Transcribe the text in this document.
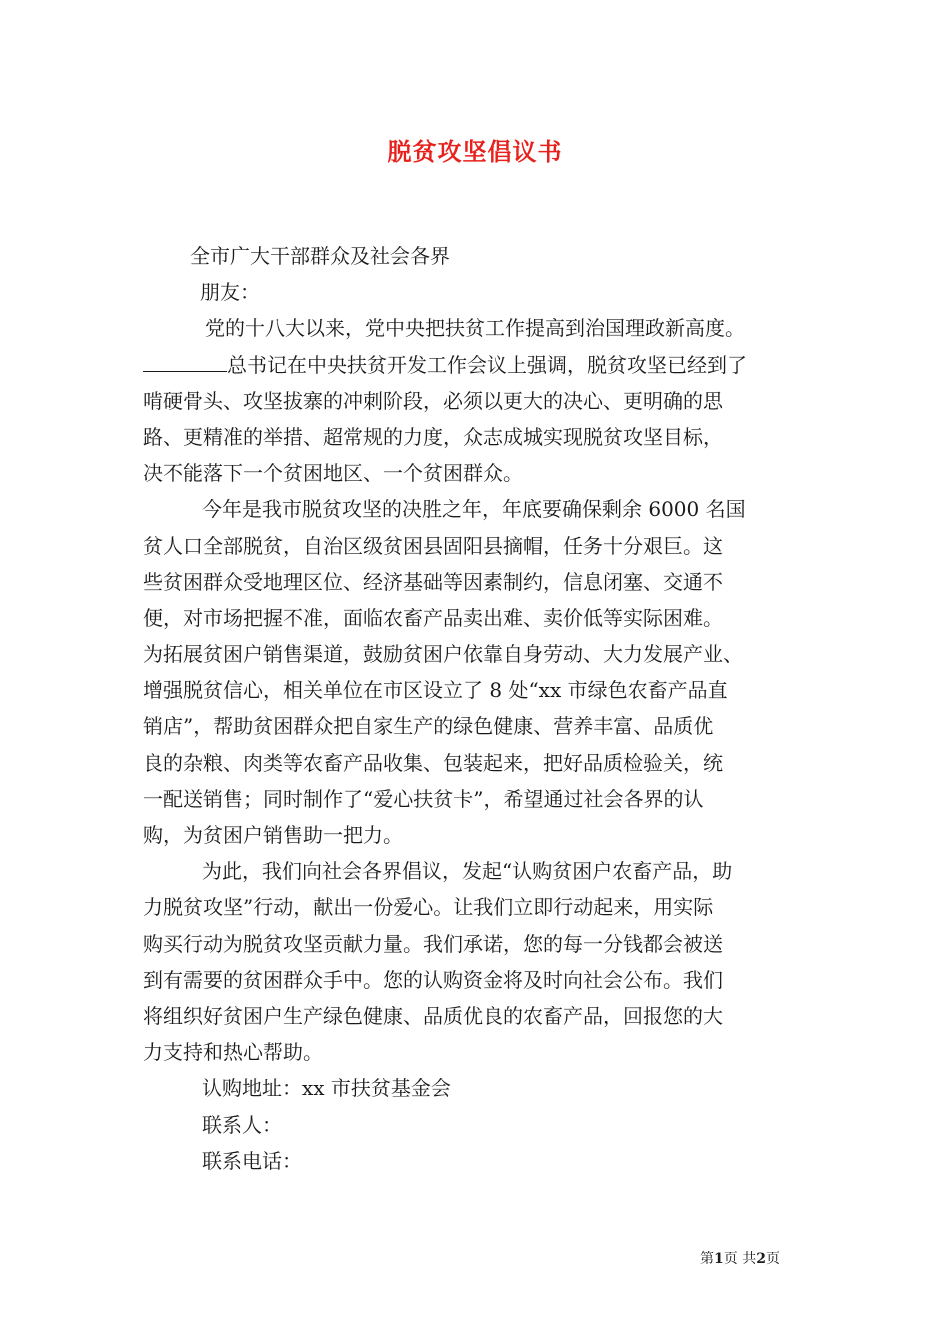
脱贫攻坚倡议书
全市广大干部群众及社会各界
朋友：
党的十八大以来，党中央把扶贫工作提高到治国理政新高度。
总书记在中央扶贫开发工作会议上强调，脱贫攻坚已经到了
啃硬骨头、攻坚拔寨的冲刺阶段，必须以更大的决心、更明确的思
路、更精准的举措、超常规的力度，众志成城实现脱贫攻坚目标，
决不能落下一个贫困地区、一个贫困群众。
今年是我市脱贫攻坚的决胜之年，年底要确保剩余 6000 名国
贫人口全部脱贫，自治区级贫困县固阳县摘帽，任务十分艰巨。这
些贫困群众受地理区位、经济基础等因素制约，信息闭塞、交通不
便，对市场把握不准，面临农畜产品卖出难、卖价低等实际困难。
为拓展贫困户销售渠道，鼓励贫困户依靠自身劳动、大力发展产业、
增强脱贫信心，相关单位在市区设立了 8 处“xx 市绿色农畜产品直
销店”，帮助贫困群众把自家生产的绿色健康、营养丰富、品质优
良的杂粮、肉类等农畜产品收集、包装起来，把好品质检验关，统
一配送销售；同时制作了“爱心扶贫卡”，希望通过社会各界的认
购，为贫困户销售助一把力。
为此，我们向社会各界倡议，发起“认购贫困户农畜产品，助
力脱贫攻坚”行动，献出一份爱心。让我们立即行动起来，用实际
购买行动为脱贫攻坚贡献力量。我们承诺，您的每一分钱都会被送
到有需要的贫困群众手中。您的认购资金将及时向社会公布。我们
将组织好贫困户生产绿色健康、品质优良的农畜产品，回报您的大
力支持和热心帮助。
认购地址：xx 市扶贫基金会
联系人：
联系电话：
第1页 共2页
